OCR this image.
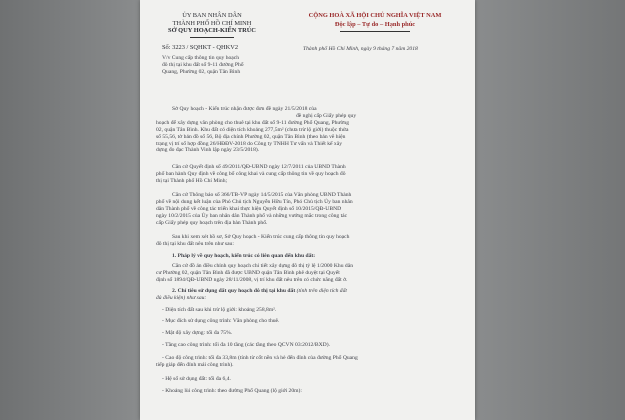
ỦY BAN NHÂN DÂN
THÀNH PHỐ HỒ CHÍ MINH
SỞ QUY HOẠCH-KIẾN TRÚC
Số: 3223 / SQHKT - QHKV2
V/v Cung cấp thông tin quy hoạch
đô thị tại khu đất số 9-11 đường Phổ
Quang, Phường 02, quận Tân Bình
CỘNG HOÀ XÃ HỘI CHỦ NGHĨA VIỆT NAM
Độc lập – Tự do – Hạnh phúc
Thành phố Hồ Chí Minh, ngày 9 tháng 7 năm 2018
Sở Quy hoạch - Kiến trúc nhận được đơn đề ngày 21/5/2018 của
đề nghị cấp Giấy phép quy
hoạch để xây dựng văn phòng cho thuê tại khu đất số 9-11 đường Phổ Quang, Phường
02, quận Tân Bình. Khu đất có diện tích khoảng 277,5m² (chưa trừ lộ giới) thuộc thửa
số 55,56, tờ bản đồ số 56, Bộ địa chính Phường 02, quận Tân Bình (theo bản vẽ hiện
trạng vị trí số hợp đồng 26/HĐĐV-2018 do Công ty TNHH Tư vấn và Thiết kế xây
dựng đo đạc Thành Vinh lập ngày 23/5/2018).
Căn cứ Quyết định số 49/2011/QĐ-UBND ngày 12/7/2011 của UBND Thành
phố ban hành Quy định về công bố công khai và cung cấp thông tin về quy hoạch đô
thị tại Thành phố Hồ Chí Minh;
Căn cứ Thông báo số 366/TB-VP ngày 14/5/2015 của Văn phòng UBND Thành
phố về nội dung kết luận của Phó Chủ tịch Nguyễn Hữu Tín, Phó Chủ tịch Ủy ban nhân
dân Thành phố về công tác triển khai thực hiện Quyết định số 10/2015/QĐ-UBND
ngày 10/2/2015 của Ủy ban nhân dân Thành phố và những vướng mắc trong công tác
cấp Giấy phép quy hoạch trên địa bàn Thành phố.
Sau khi xem xét hồ sơ, Sở Quy hoạch - Kiến trúc cung cấp thông tin quy hoạch
đô thị tại khu đất nêu trên như sau:
1. Pháp lý về quy hoạch, kiến trúc có liên quan đến khu đất:
Căn cứ đồ án điều chỉnh quy hoạch chi tiết xây dựng đô thị tỷ lệ 1/2000 Khu dân
cư Phường 02, quận Tân Bình đã được UBND quận Tân Bình phê duyệt tại Quyết
định số 1894/QĐ-UBND ngày 28/11/2008, vị trí khu đất nêu trên có chức năng đất ở.
2. Chỉ tiêu sử dụng đất quy hoạch đô thị tại khu đất (tính trên diện tích đất
đủ điều kiện) như sau:
- Diện tích đất sau khi trừ lộ giới: khoảng 258,8m².
- Mục đích sử dụng công trình: Văn phòng cho thuê.
- Mật độ xây dựng: tối đa 75%.
- Tầng cao công trình: tối đa 10 tầng (các tầng theo QCVN 03:2012/BXD).
- Cao độ công trình: tối đa 33,8m (tính từ cốt nền và hè đến đỉnh của đường Phổ Quang
tiếp giáp đến đỉnh mái công trình).
- Hệ số sử dụng đất: tối đa 6,4.
- Khoảng lùi công trình: theo đường Phổ Quang (lộ giới 20m):
